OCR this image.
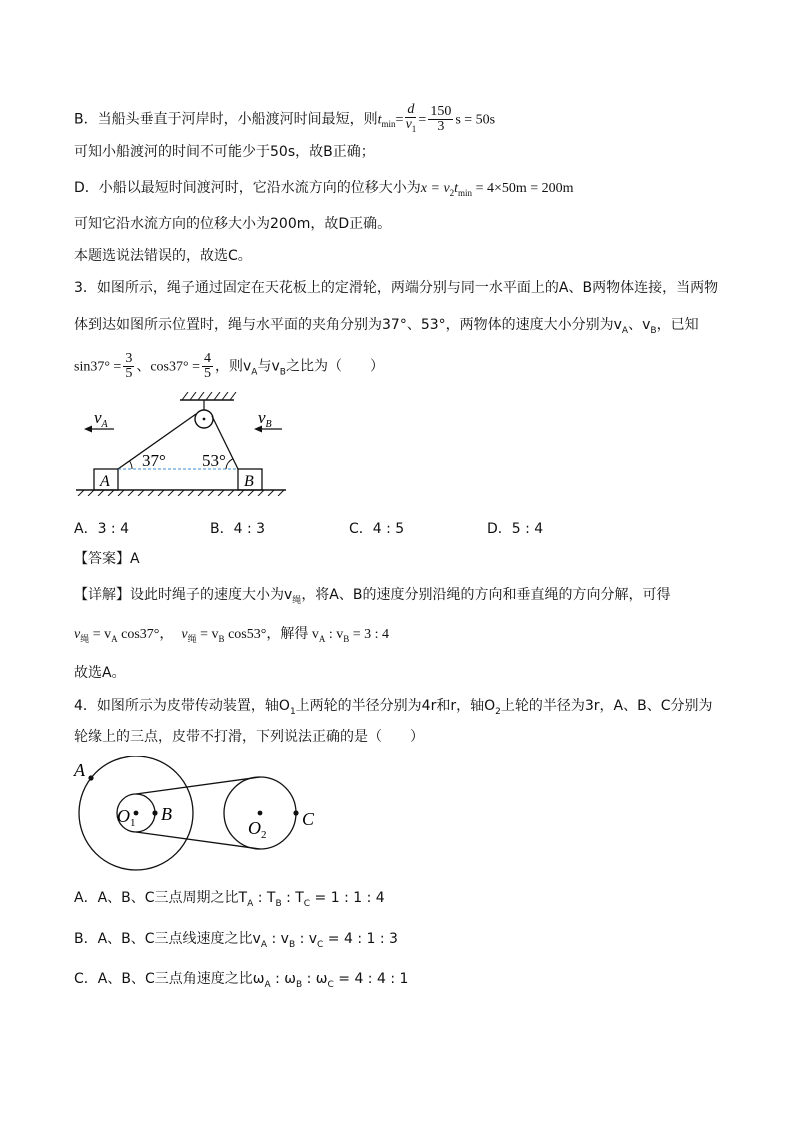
B．当船头垂直于河岸时，小船渡河时间最短，则$t_{min}= \frac{d}{v_1} = \frac{150}{3}$ s = 50s
可知小船渡河的时间不可能少于50s，故B正确；
D．小船以最短时间渡河时，它沿水流方向的位移大小为$x = v_2t_{min} = 4\times 50m = 200m$
可知它沿水流方向的位移大小为200m，故D正确。
本题选说法错误的，故选C。
3．如图所示，绳子通过固定在天花板上的定滑轮，两端分别与同一水平面上的A、B两物体连接，当两物
体到达如图所示位置时，绳与水平面的夹角分别为37°、53°，两物体的速度大小分别为$v_A$、$v_B$，已知
$\sin 37^\circ = \frac{3}{5}$ 、$\cos 37^\circ = \frac{4}{5}$ ，则$v_A$与$v_B$之比为（　　）
37° 53°
A	B
$v_A$	$v_B$
A．3 : 4	B．4 : 3	C．4 : 5	D．5 : 4
【答案】A
【详解】设此时绳子的速度大小为$v_绳$，将A、B的速度分别沿绳的方向和垂直绳的方向分解，可得
$v_绳 = v_A$ cos37°， $v_绳 = v_B$ cos53°，解得 $v_A$ : $v_B = 3$ : 4
故选A。
4．如图所示为皮带传动装置，轴$O_1$上两轮的半径分别为4r和r，轴$O_2$上轮的半径为3r，A、B、C分别为
轮缘上的三点，皮带不打滑，下列说法正确的是（　　）
A
B	C
$O_1$	$O_2$
A．A、B、C三点周期之比$T_A$ : $T_B$ : $T_C = 1$ : 1 : 4
B．A、B、C三点线速度之比$v_A$ : $v_B$ : $v_C = 4$ : 1 : 3
C．A、B、C三点角速度之比$\omega_A$ : $\omega_B$ : $\omega_C = 4$ : 4 : 1
